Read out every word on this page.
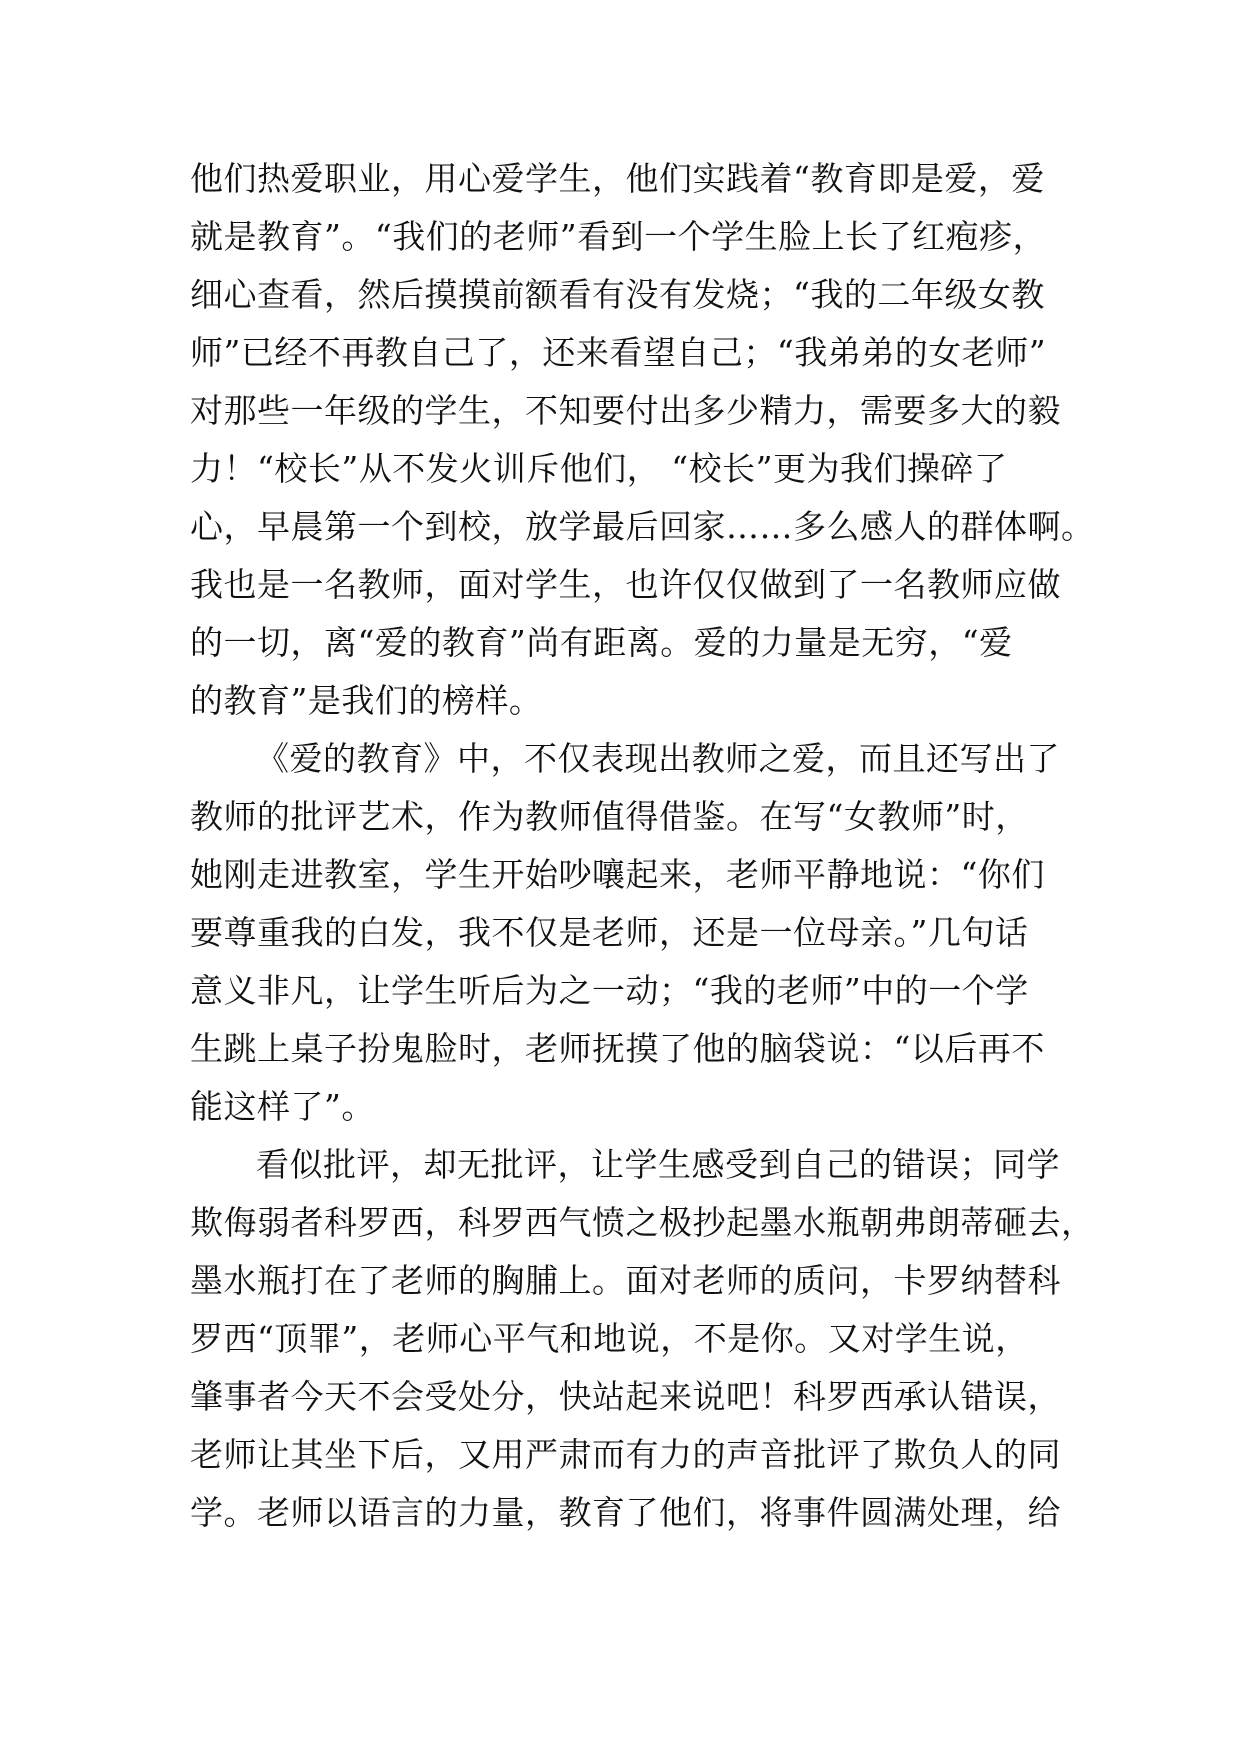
他们热爱职业，用心爱学生，他们实践着“教育即是爱，爱
就是教育”。“我们的老师”看到一个学生脸上长了红疱疹，
细心查看，然后摸摸前额看有没有发烧；“我的二年级女教
师”已经不再教自己了，还来看望自己；“我弟弟的女老师”
对那些一年级的学生，不知要付出多少精力，需要多大的毅
力！“校长”从不发火训斥他们， “校长”更为我们操碎了
心，早晨第一个到校，放学最后回家……多么感人的群体啊。
我也是一名教师，面对学生，也许仅仅做到了一名教师应做
的一切，离“爱的教育”尚有距离。爱的力量是无穷，“爱
的教育”是我们的榜样。
《爱的教育》中，不仅表现出教师之爱，而且还写出了
教师的批评艺术，作为教师值得借鉴。在写“女教师”时，
她刚走进教室，学生开始吵嚷起来，老师平静地说：“你们
要尊重我的白发，我不仅是老师，还是一位母亲。”几句话
意义非凡，让学生听后为之一动；“我的老师”中的一个学
生跳上桌子扮鬼脸时，老师抚摸了他的脑袋说：“以后再不
能这样了”。
看似批评，却无批评，让学生感受到自己的错误；同学
欺侮弱者科罗西，科罗西气愤之极抄起墨水瓶朝弗朗蒂砸去，
墨水瓶打在了老师的胸脯上。面对老师的质问，卡罗纳替科
罗西“顶罪”，老师心平气和地说，不是你。又对学生说，
肇事者今天不会受处分，快站起来说吧！科罗西承认错误，
老师让其坐下后，又用严肃而有力的声音批评了欺负人的同
学。老师以语言的力量，教育了他们，将事件圆满处理，给
